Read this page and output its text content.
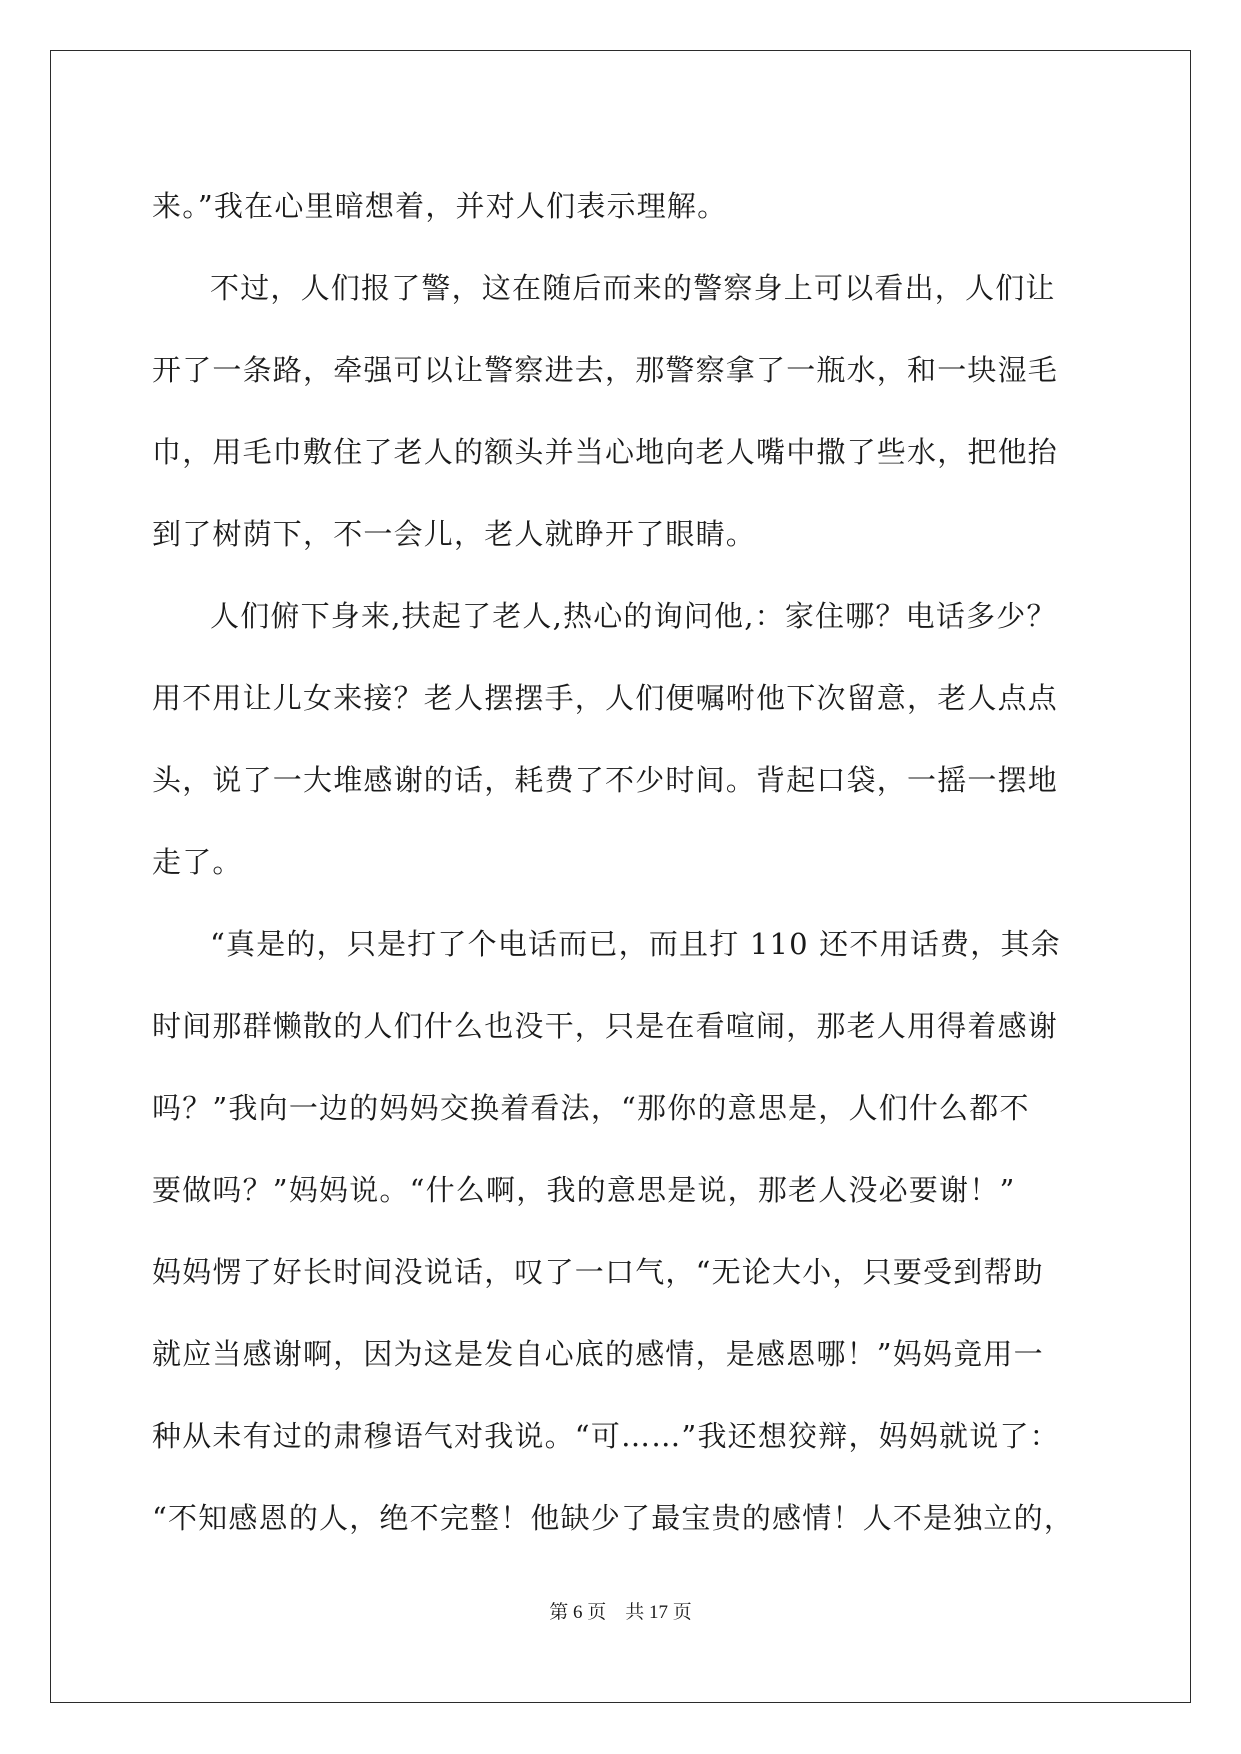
来。”我在心里暗想着，并对人们表示理解。
不过，人们报了警，这在随后而来的警察身上可以看出，人们让
开了一条路，牵强可以让警察进去，那警察拿了一瓶水，和一块湿毛
巾，用毛巾敷住了老人的额头并当心地向老人嘴中撒了些水，把他抬
到了树荫下，不一会儿，老人就睁开了眼睛。
人们俯下身来,扶起了老人,热心的询问他,：家住哪？电话多少？
用不用让儿女来接？老人摆摆手，人们便嘱咐他下次留意，老人点点
头，说了一大堆感谢的话，耗费了不少时间。背起口袋，一摇一摆地
走了。
“真是的，只是打了个电话而已，而且打 110 还不用话费，其余
时间那群懒散的人们什么也没干，只是在看喧闹，那老人用得着感谢
吗？”我向一边的妈妈交换着看法，“那你的意思是，人们什么都不
要做吗？”妈妈说。“什么啊，我的意思是说，那老人没必要谢！”
妈妈愣了好长时间没说话，叹了一口气，“无论大小，只要受到帮助
就应当感谢啊，因为这是发自心底的感情，是感恩哪！”妈妈竟用一
种从未有过的肃穆语气对我说。“可……”我还想狡辩，妈妈就说了：
“不知感恩的人，绝不完整！他缺少了最宝贵的感情！人不是独立的，
第 6 页　共 17 页
